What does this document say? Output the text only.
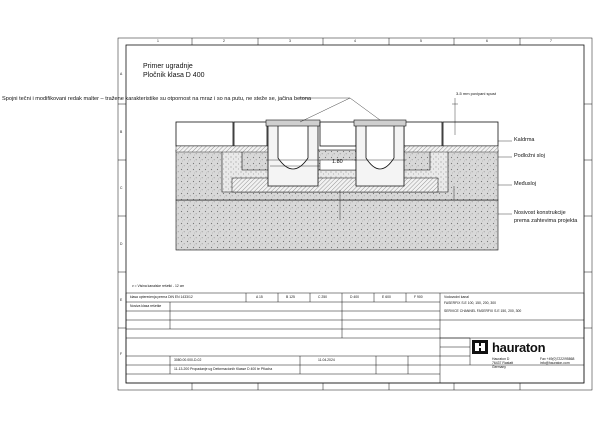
Primer ugradnje
Pločnik klasa D 400
Spojni tečni i modifikovani redak malter – tražene karakteristike su otpornost na mraz i so na putu, ne steže se, jačina betona
3-5 mm poviyani spust
Kaldrma
Podložni sloj
Međusloj
Nosivost konstrukcije
prema zahtevima projekta
1.80
v = Visina kanalske rešetki - 12 cm
1	2	3	4	5	6	7
A
B
C
D
E
F
klasa opterećenja prema DIN EN 1433/12	A 15	B 125	C 250	D 400	E 600	F 900
Nosiva klasa rešetke
Vodovodni kanal
FASERFIX S.E 100, 150, 200, 300
SERVICE CHANNEL FASERFIX S.E 150, 200, 300
11.04.2024
3080.00.000-D-02
11-13-200 Propadanje ug Deformacionih Klasse D 400 te Pflucha
hauraton
Hauraton D
76437 Rastatt
Germany
Fax +49(0)7222/95868
info@hauraton.com
